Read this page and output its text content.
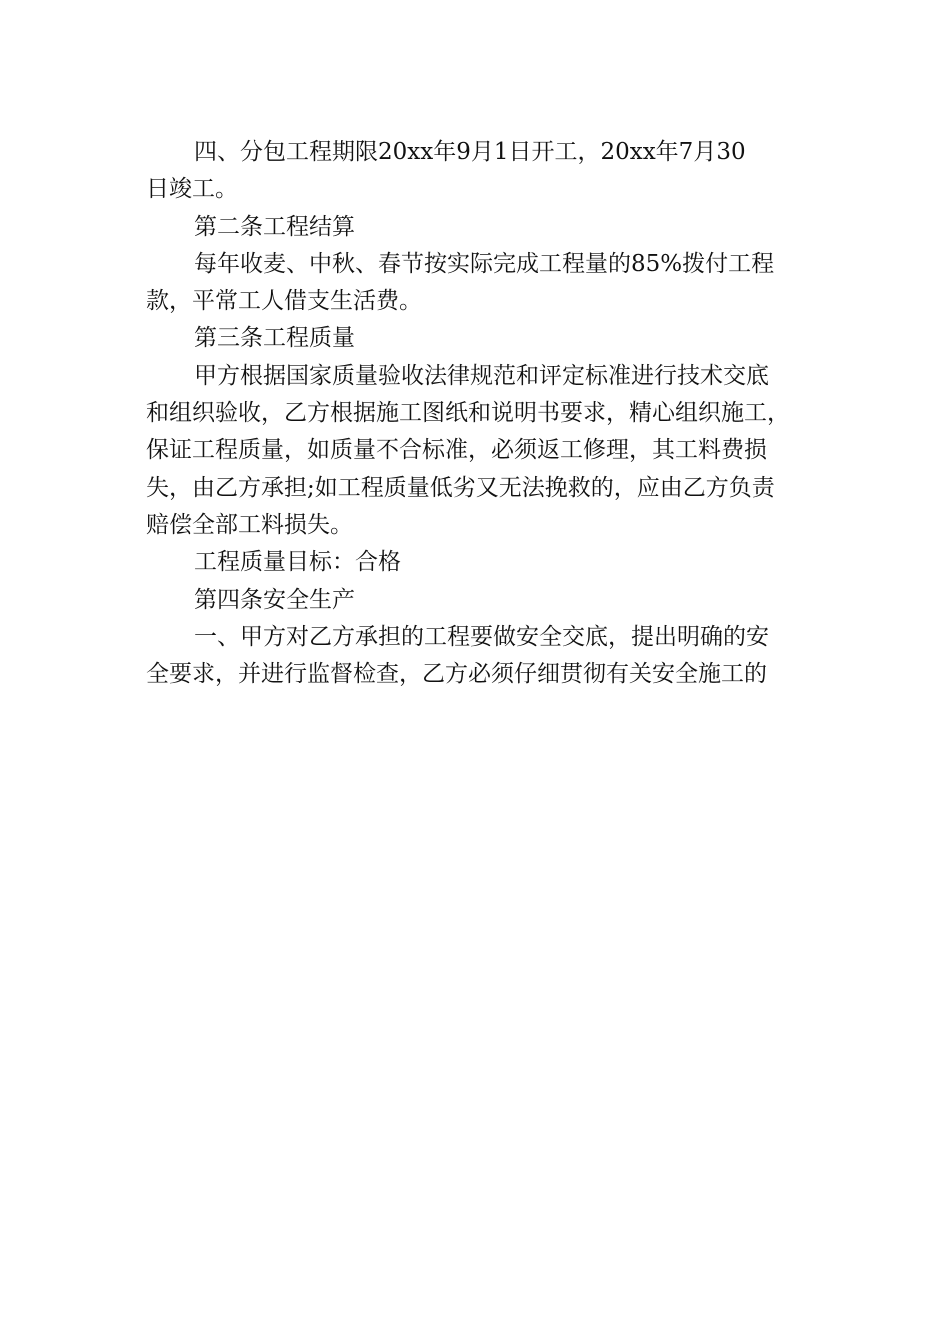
四、分包工程期限20xx年9月1日开工，20xx年7月30

日竣工。

第二条工程结算

每年收麦、中秋、春节按实际完成工程量的85%拨付工程

款，平常工人借支生活费。

第三条工程质量

甲方根据国家质量验收法律规范和评定标准进行技术交底

和组织验收，乙方根据施工图纸和说明书要求，精心组织施工，

保证工程质量，如质量不合标准，必须返工修理，其工料费损

失，由乙方承担;如工程质量低劣又无法挽救的，应由乙方负责

赔偿全部工料损失。

工程质量目标：合格

第四条安全生产

一、甲方对乙方承担的工程要做安全交底，提出明确的安

全要求，并进行监督检查，乙方必须仔细贯彻有关安全施工的
